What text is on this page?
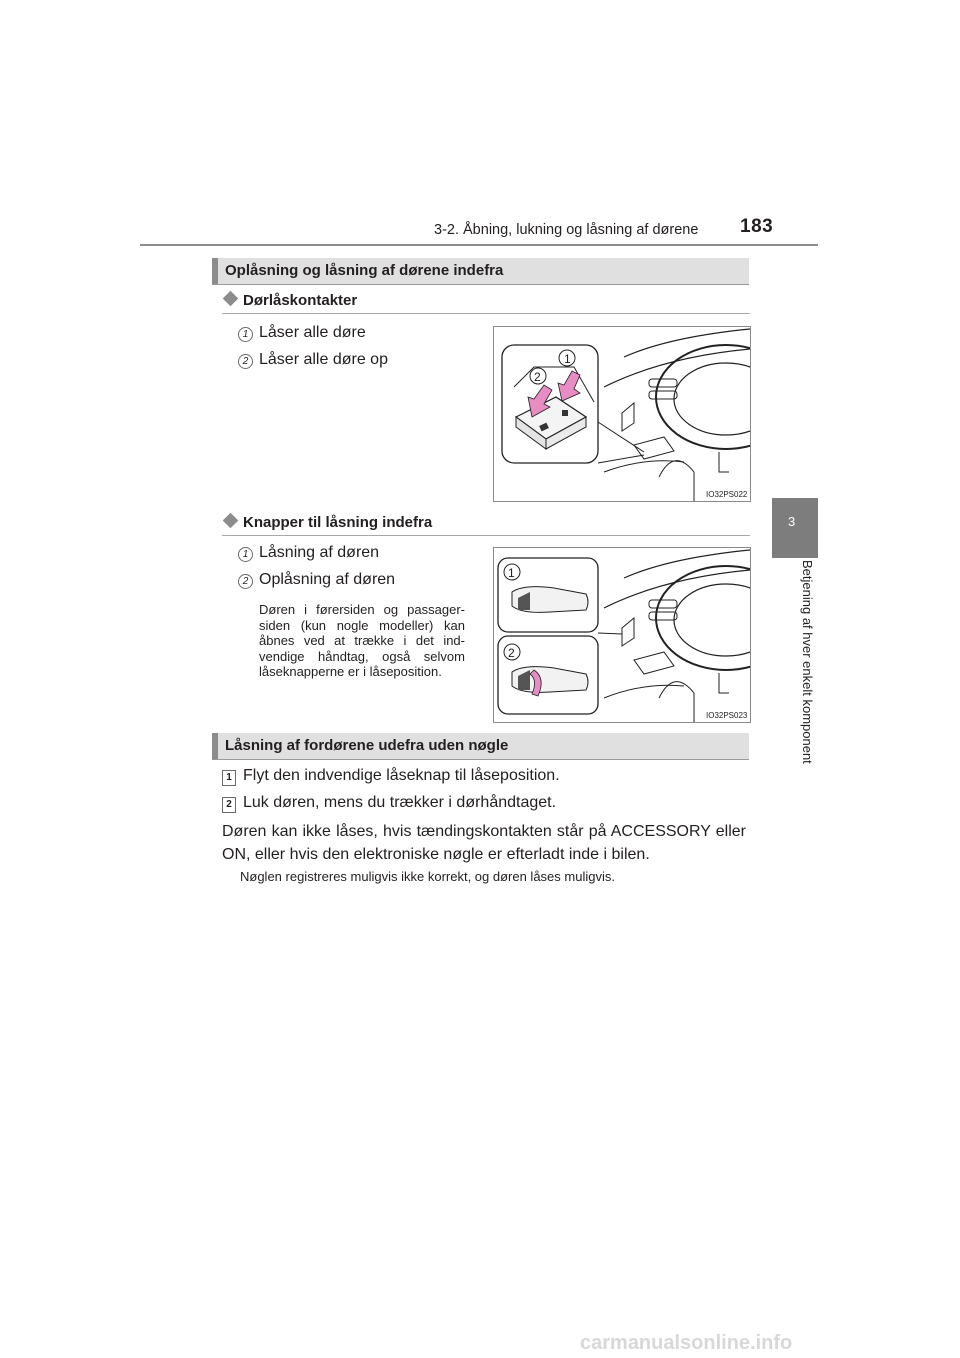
3-2. Åbning, lukning og låsning af dørene 183
3
Betjening af hver enkelt komponent
Oplåsning og låsning af dørene indefra
Dørlåskontakter
1 Låser alle døre
2 Låser alle døre op
2
1
IO32PS022
Knapper til låsning indefra
1 Låsning af døren
2 Oplåsning af døren
Døren i førersiden og passager-siden (kun nogle modeller) kan åbnes ved at trække i det ind-vendige håndtag, også selvom låseknapperne er i låseposition.
1
2
IO32PS023
Låsning af fordørene udefra uden nøgle
1 Flyt den indvendige låseknap til låseposition.
2 Luk døren, mens du trækker i dørhåndtaget.
Døren kan ikke låses, hvis tændingskontakten står på ACCESSORY eller ON, eller hvis den elektroniske nøgle er efterladt inde i bilen.
Nøglen registreres muligvis ikke korrekt, og døren låses muligvis.
carmanualsonline.info
